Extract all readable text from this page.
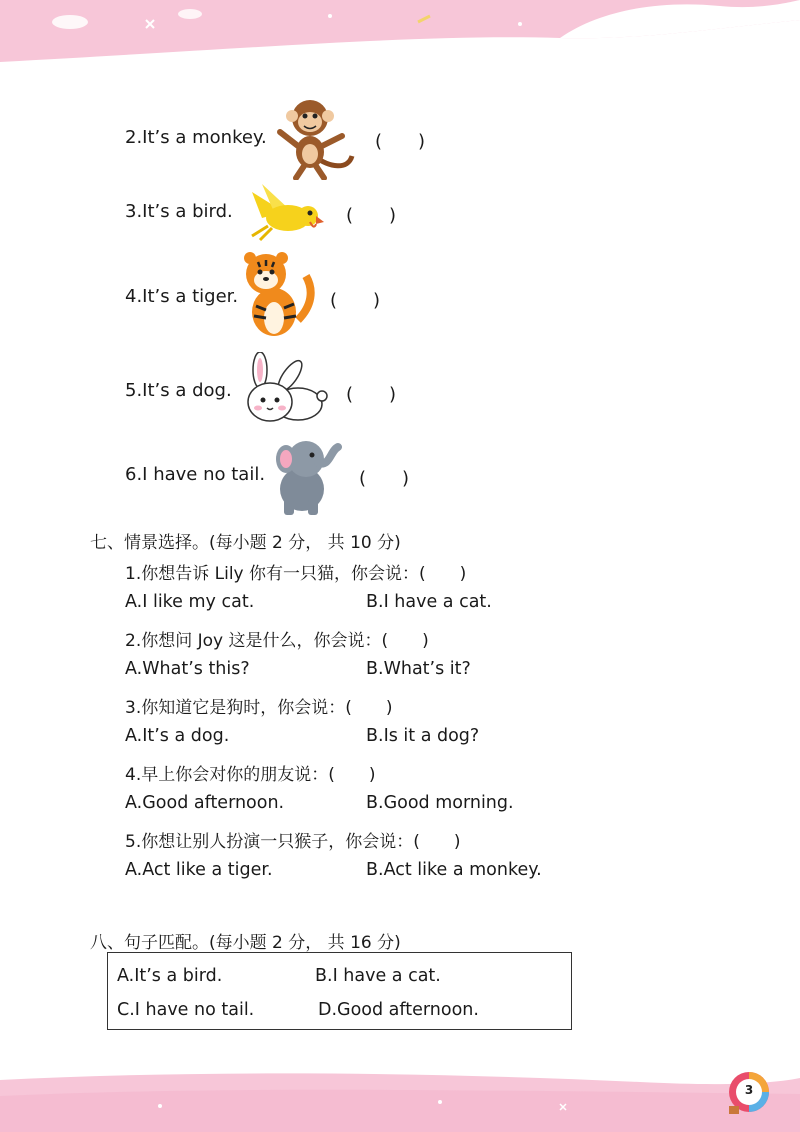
2.It’s a monkey.	(　　)
3.It’s a bird.	(　　)
4.It’s a tiger.	(　　)
5.It’s a dog.	(　　)
6.I have no tail.	(　　)
七、情景选择。(每小题 2 分， 共 10 分)
1.你想告诉 Lily 你有一只猫，你会说：(　　)
A.I like my cat.	B.I have a cat.
2.你想问 Joy 这是什么，你会说：(　　)
A.What’s this?	B.What’s it?
3.你知道它是狗时，你会说：(　　)
A.It’s a dog.	B.Is it a dog?
4.早上你会对你的朋友说：(　　)
A.Good afternoon.	B.Good morning.
5.你想让别人扮演一只猴子，你会说：(　　)
A.Act like a tiger.	B.Act like a monkey.
八、句子匹配。(每小题 2 分， 共 16 分)
A.It’s a bird.	B.I have a cat.
C.I have no tail.	D.Good afternoon.
3
